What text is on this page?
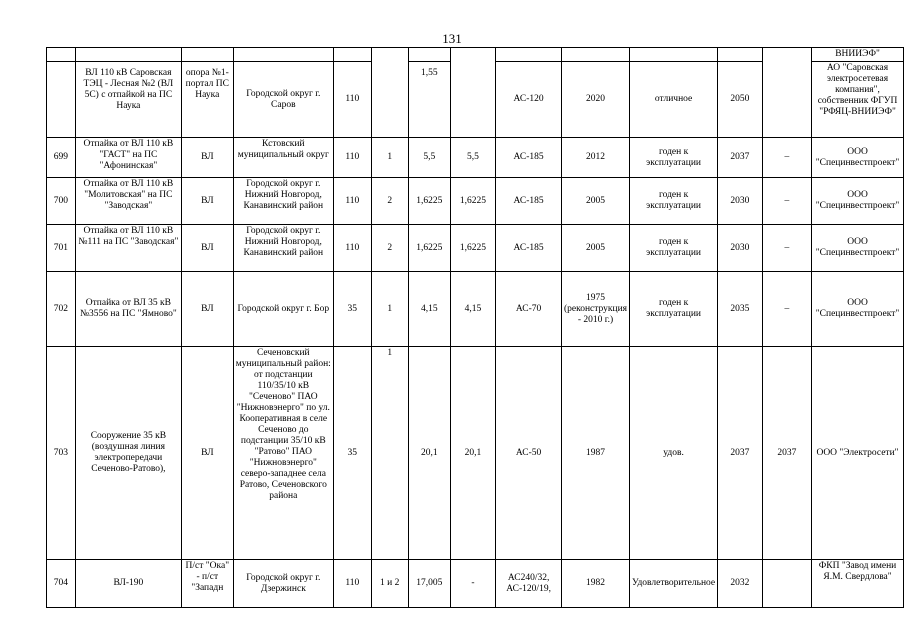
131
													ВНИИЭФ"
	ВЛ 110 кВ Саровская ТЭЦ - Лесная №2 (ВЛ 5С) с отпайкой на ПС Наука	опора №1-портал ПС Наука	Городской округ г. Саров	110		1,55		АС-120	2020	отличное	2050		АО "Саровская электросетевая компания", собственник ФГУП "РФЯЦ-ВНИИЭФ"
699	Отпайка от ВЛ 110 кВ "ГАСТ" на ПС "Афонинская"	ВЛ	Кстовский муниципальный округ	110	1	5,5	5,5	АС-185	2012	годен к эксплуатации	2037	–	ООО "Специнвестпроект"
700	Отпайка от ВЛ 110 кВ "Молитовская" на ПС "Заводская"	ВЛ	Городской округ г. Нижний Новгород, Канавинский район	110	2	1,6225	1,6225	АС-185	2005	годен к эксплуатации	2030	–	ООО "Специнвестпроект"
701	Отпайка от ВЛ 110 кВ №111 на ПС "Заводская"	ВЛ	Городской округ г. Нижний Новгород, Канавинский район	110	2	1,6225	1,6225	АС-185	2005	годен к эксплуатации	2030	–	ООО "Специнвестпроект"
702	Отпайка от ВЛ 35 кВ №3556 на ПС "Ямново"	ВЛ	Городской округ г. Бор	35	1	4,15	4,15	АС-70	1975 (реконструкция - 2010 г.)	годен к эксплуатации	2035	–	ООО "Специнвестпроект"
703	Сооружение 35 кВ (воздушная линия электропередачи Сеченово-Ратово),	ВЛ	Сеченовский муниципальный район: от подстанции 110/35/10 кВ "Сеченово" ПАО "Нижновэнерго" по ул. Кооперативная в селе Сеченово до подстанции 35/10 кВ "Ратово" ПАО "Нижновэнерго" северо-западнее села Ратово, Сеченовского района	35	1	20,1	20,1	АС-50	1987	удов.	2037	2037	ООО "Электросети"
704	ВЛ-190	П/ст "Ока" - п/ст "Западн	Городской округ г. Дзержинск	110	1 и 2	17,005	-	АС240/32, АС-120/19,	1982	Удовлетворительное	2032		ФКП "Завод имени Я.М. Свердлова"
